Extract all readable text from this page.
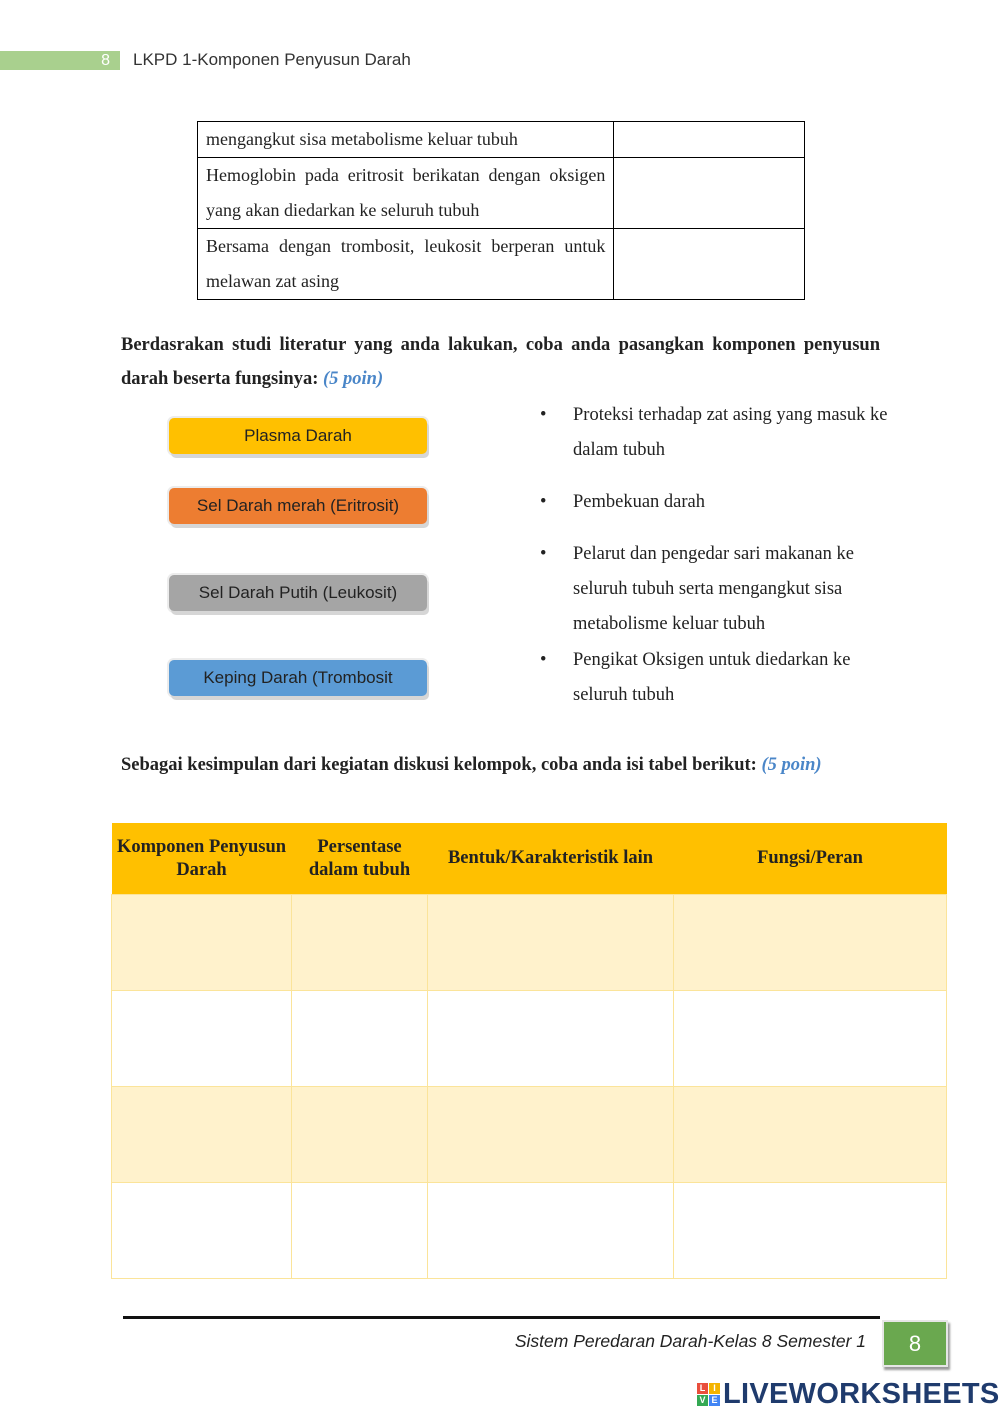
8 LKPD 1-Komponen Penyusun Darah
mengangkut sisa metabolisme keluar tubuh	
Hemoglobin pada eritrosit berikatan dengan oksigen yang akan diedarkan ke seluruh tubuh	
Bersama dengan trombosit, leukosit berperan untuk melawan zat asing	
Berdasrakan studi literatur yang anda lakukan, coba anda pasangkan komponen penyusun darah beserta fungsinya: (5 poin)
Plasma Darah
Sel Darah merah (Eritrosit)
Sel Darah Putih (Leukosit)
Keping Darah (Trombosit
•	Proteksi terhadap zat asing yang masuk ke dalam tubuh
•	Pembekuan darah
•	Pelarut dan pengedar sari makanan ke seluruh tubuh serta mengangkut sisa metabolisme keluar tubuh
•	Pengikat Oksigen untuk diedarkan ke seluruh tubuh
Sebagai kesimpulan dari kegiatan diskusi kelompok, coba anda isi tabel berikut: (5 poin)
Komponen Penyusun Darah	Persentase dalam tubuh	Bentuk/Karakteristik lain	Fungsi/Peran

Sistem Peredaran Darah-Kelas 8 Semester 1	8
L I
V E LIVEWORKSHEETS
